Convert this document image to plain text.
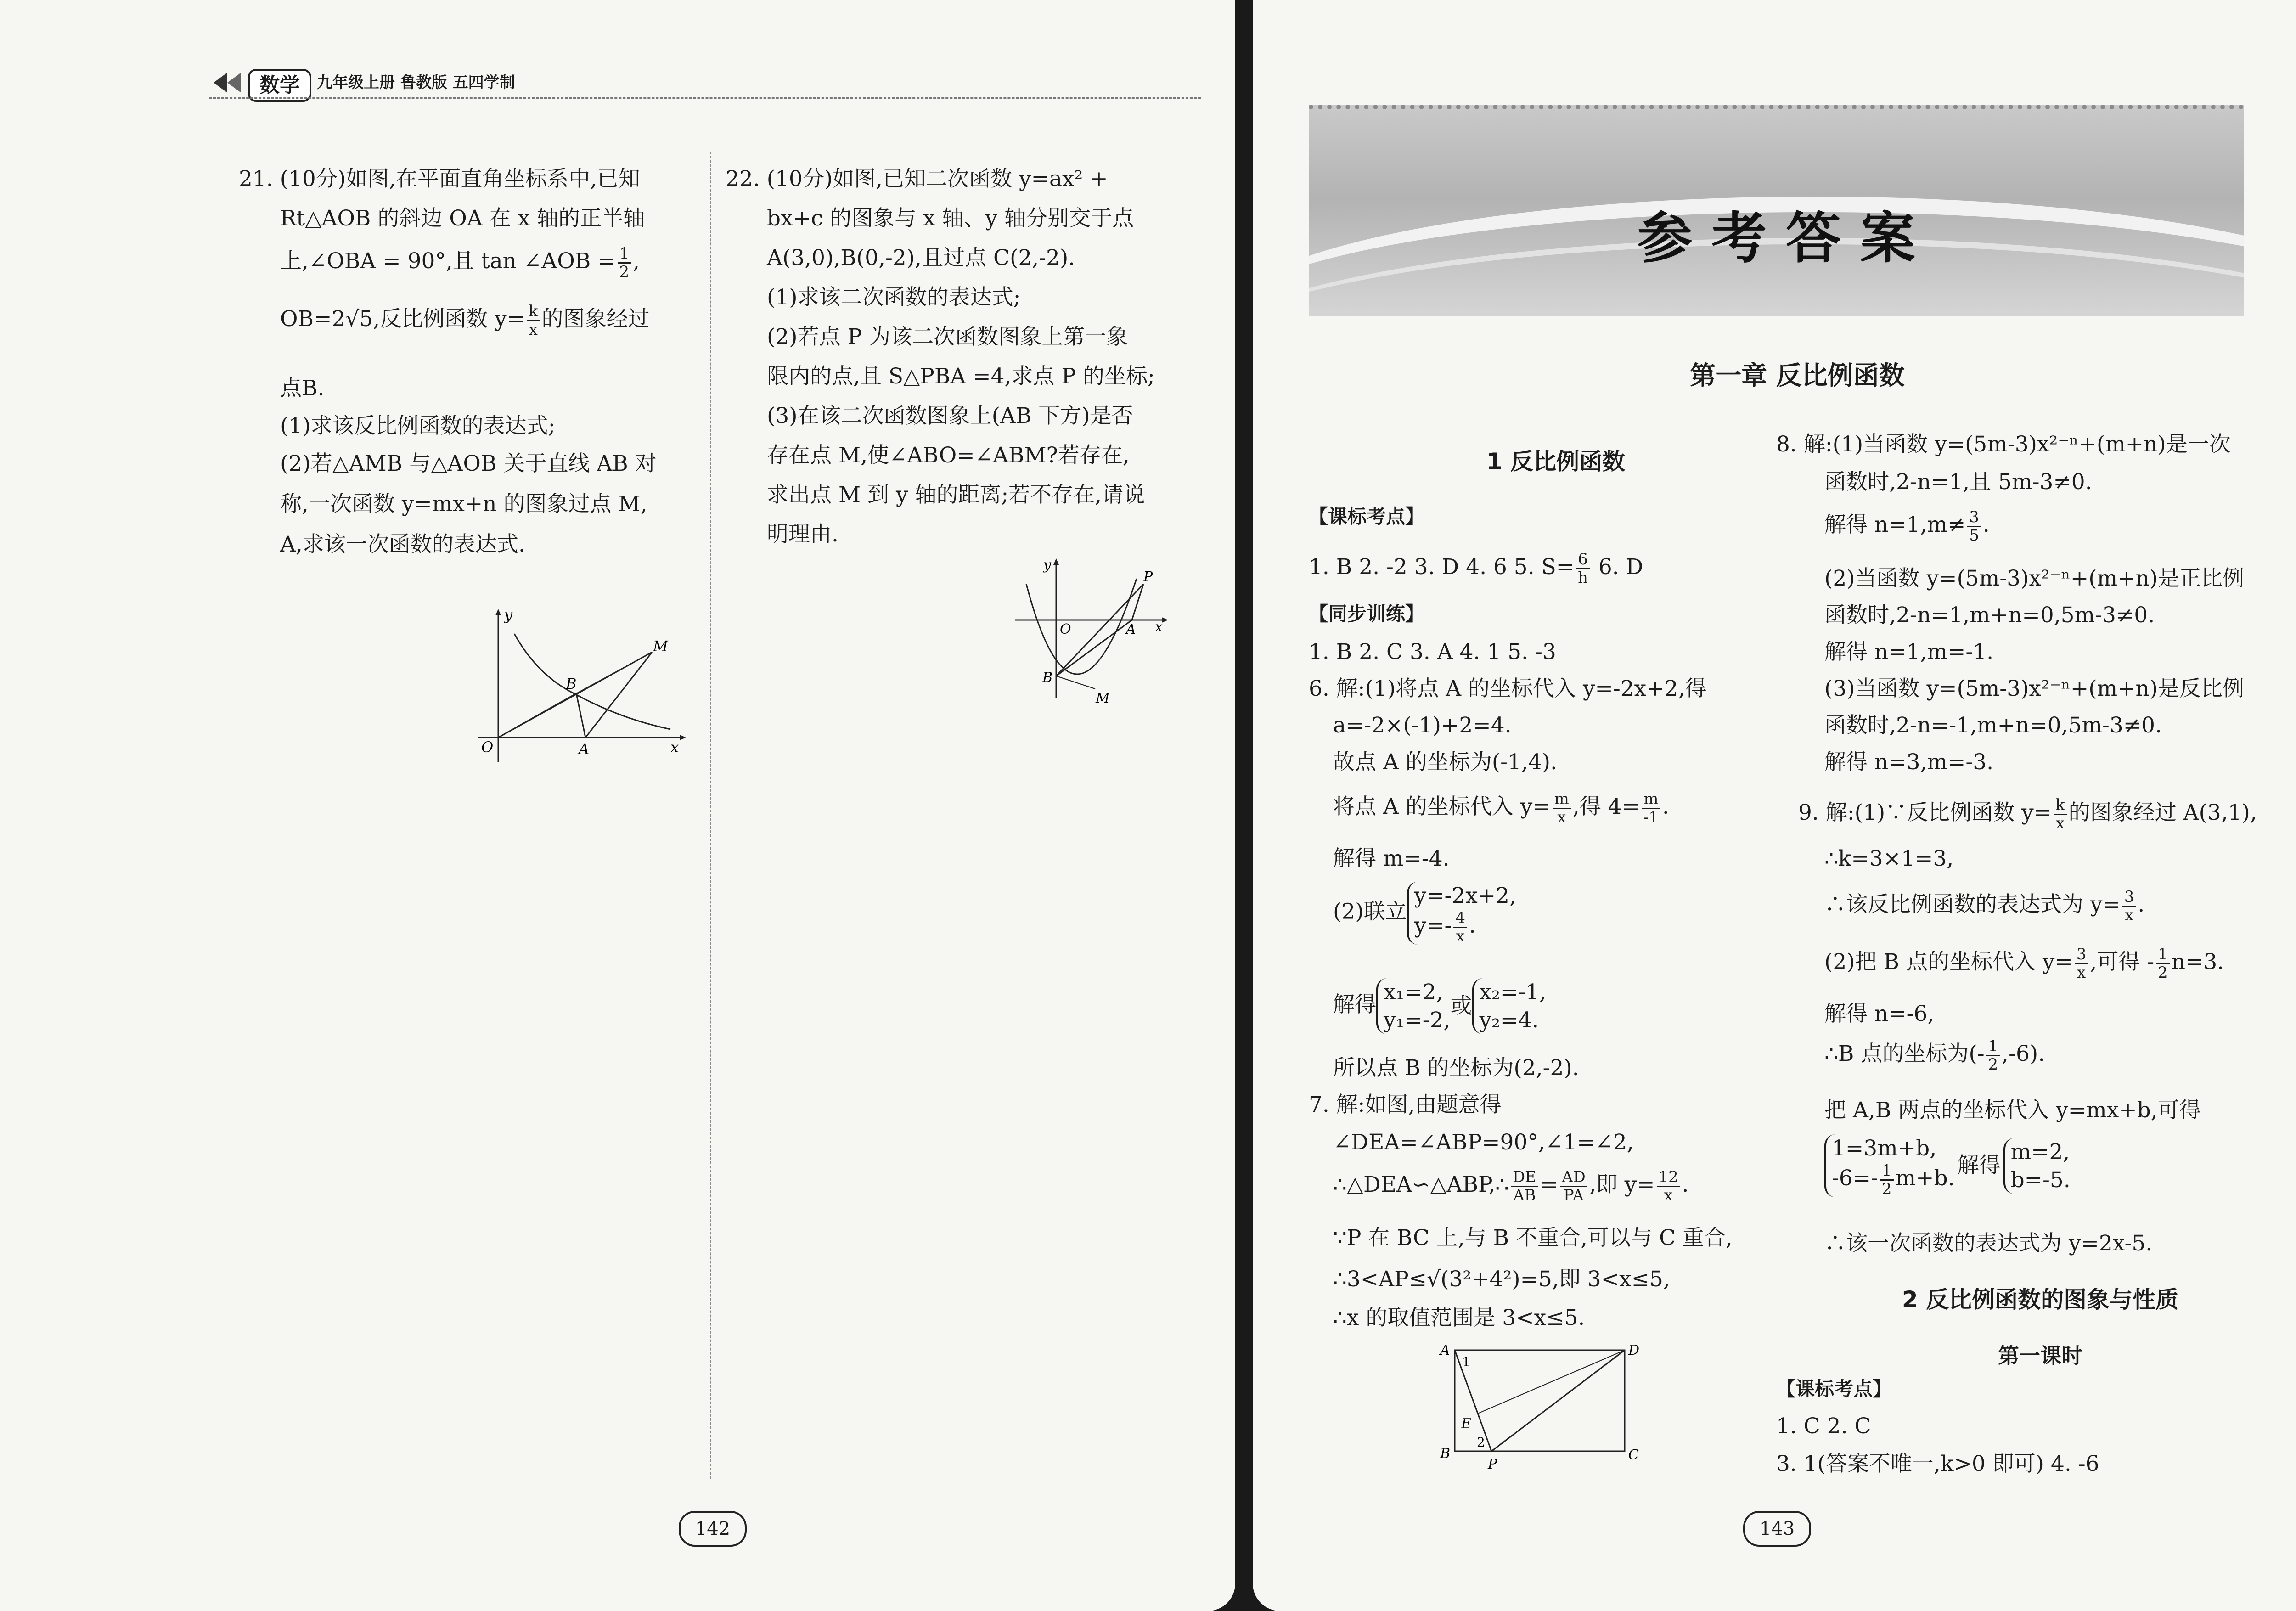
数学	九年级上册 鲁教版 五四学制
21. (10分)如图,在平面直角坐标系中,已知
Rt△AOB 的斜边 OA 在 x 轴的正半轴
上,∠OBA = 90°,且 tan ∠AOB = $\frac{1}{2}$ ,
OB=2√5,反比例函数 $y= \frac{k}{x}$ 的图象经过
点B.
(1)求该反比例函数的表达式;
(2)若△AMB 与△AOB 关于直线 AB 对
称,一次函数 y=mx+n 的图象过点 M,
A,求该一次函数的表达式.
y
x
O	A
B
M
22. (10分)如图,已知二次函数 y=ax² +
bx+c 的图象与 x 轴、y 轴分别交于点
A(3,0),B(0,-2),且过点 C(2,-2).
(1)求该二次函数的表达式;
(2)若点 P 为该二次函数图象上第一象
限内的点,且 S△PBA =4,求点 P 的坐标;
(3)在该二次函数图象上(AB 下方)是否
存在点 M,使∠ABO=∠ABM?若存在,
求出点 M 到 y 轴的距离;若不存在,请说
明理由.
y
x
O	A
B
P
M
142
参 考 答 案
第一章 反比例函数
1 反比例函数
【课标考点】
1. B 2. -2 3. D 4. 6 5. $S= \frac{6}{h} 6$. D
【同步训练】
1. B 2. C 3. A 4. 1 5. -3
6. 解:(1)将点 A 的坐标代入 y=-2x+2,得
a=-2×(-1)+2=4.
故点 A 的坐标为(-1,4).
将点 A 的坐标代入 $y= \frac{m}{x}$ ,得 $4= \frac{m}{-1}$ .
解得 m=-4.
(2)联立
y=-2x+2,
$y=- \frac{4}{x}$ .
解得 x₁=2,
y₁=-2,
或
x₂=-1,
y₂=4.
所以点 B 的坐标为(2,-2).
7. 解:如图,由题意得
∠DEA=∠ABP=90°,∠1=∠2,
∴△DEA∽△ABP,∴ $\frac{DE}{AB} = \frac{AD}{PA}$ ,即 $y= \frac{12}{x}$ .
∵P 在 BC 上,与 B 不重合,可以与 C 重合,
∴3<AP≤√(3²+4²)=5,即 3<x≤5,
∴x 的取值范围是 3<x≤5.
A	D
B	C
E
P
1
2
8. 解:(1)当函数 y=(5m-3)x²⁻ⁿ+(m+n)是一次
函数时,2-n=1,且 5m-3≠0.
解得 $n=1,m\ne \frac{3}{5}$ .
(2)当函数 y=(5m-3)x²⁻ⁿ+(m+n)是正比例
函数时,2-n=1,m+n=0,5m-3≠0.
解得 n=1,m=-1.
(3)当函数 y=(5m-3)x²⁻ⁿ+(m+n)是反比例
函数时,2-n=-1,m+n=0,5m-3≠0.
解得 n=3,m=-3.
9. 解:(1)∵反比例函数 $y= \frac{k}{x}$ 的图象经过 A(3,1),
∴k=3×1=3,
∴该反比例函数的表达式为 $y= \frac{3}{x}$ .
(2)把 B 点的坐标代入 $y= \frac{3}{x}$ ,可得 - $\frac{1}{2} n=3$.
解得 n=-6,
∴B 点的坐标为(- $\frac{1}{2} ,-6$).
把 A,B 两点的坐标代入 y=mx+b,可得
1=3m+b,
$-6=- \frac{1}{2} m+b$.
解得
m=2,
b=-5.
∴该一次函数的表达式为 y=2x-5.
2 反比例函数的图象与性质
第一课时
【课标考点】
1. C 2. C
3. 1(答案不唯一,k>0 即可) 4. -6
143
